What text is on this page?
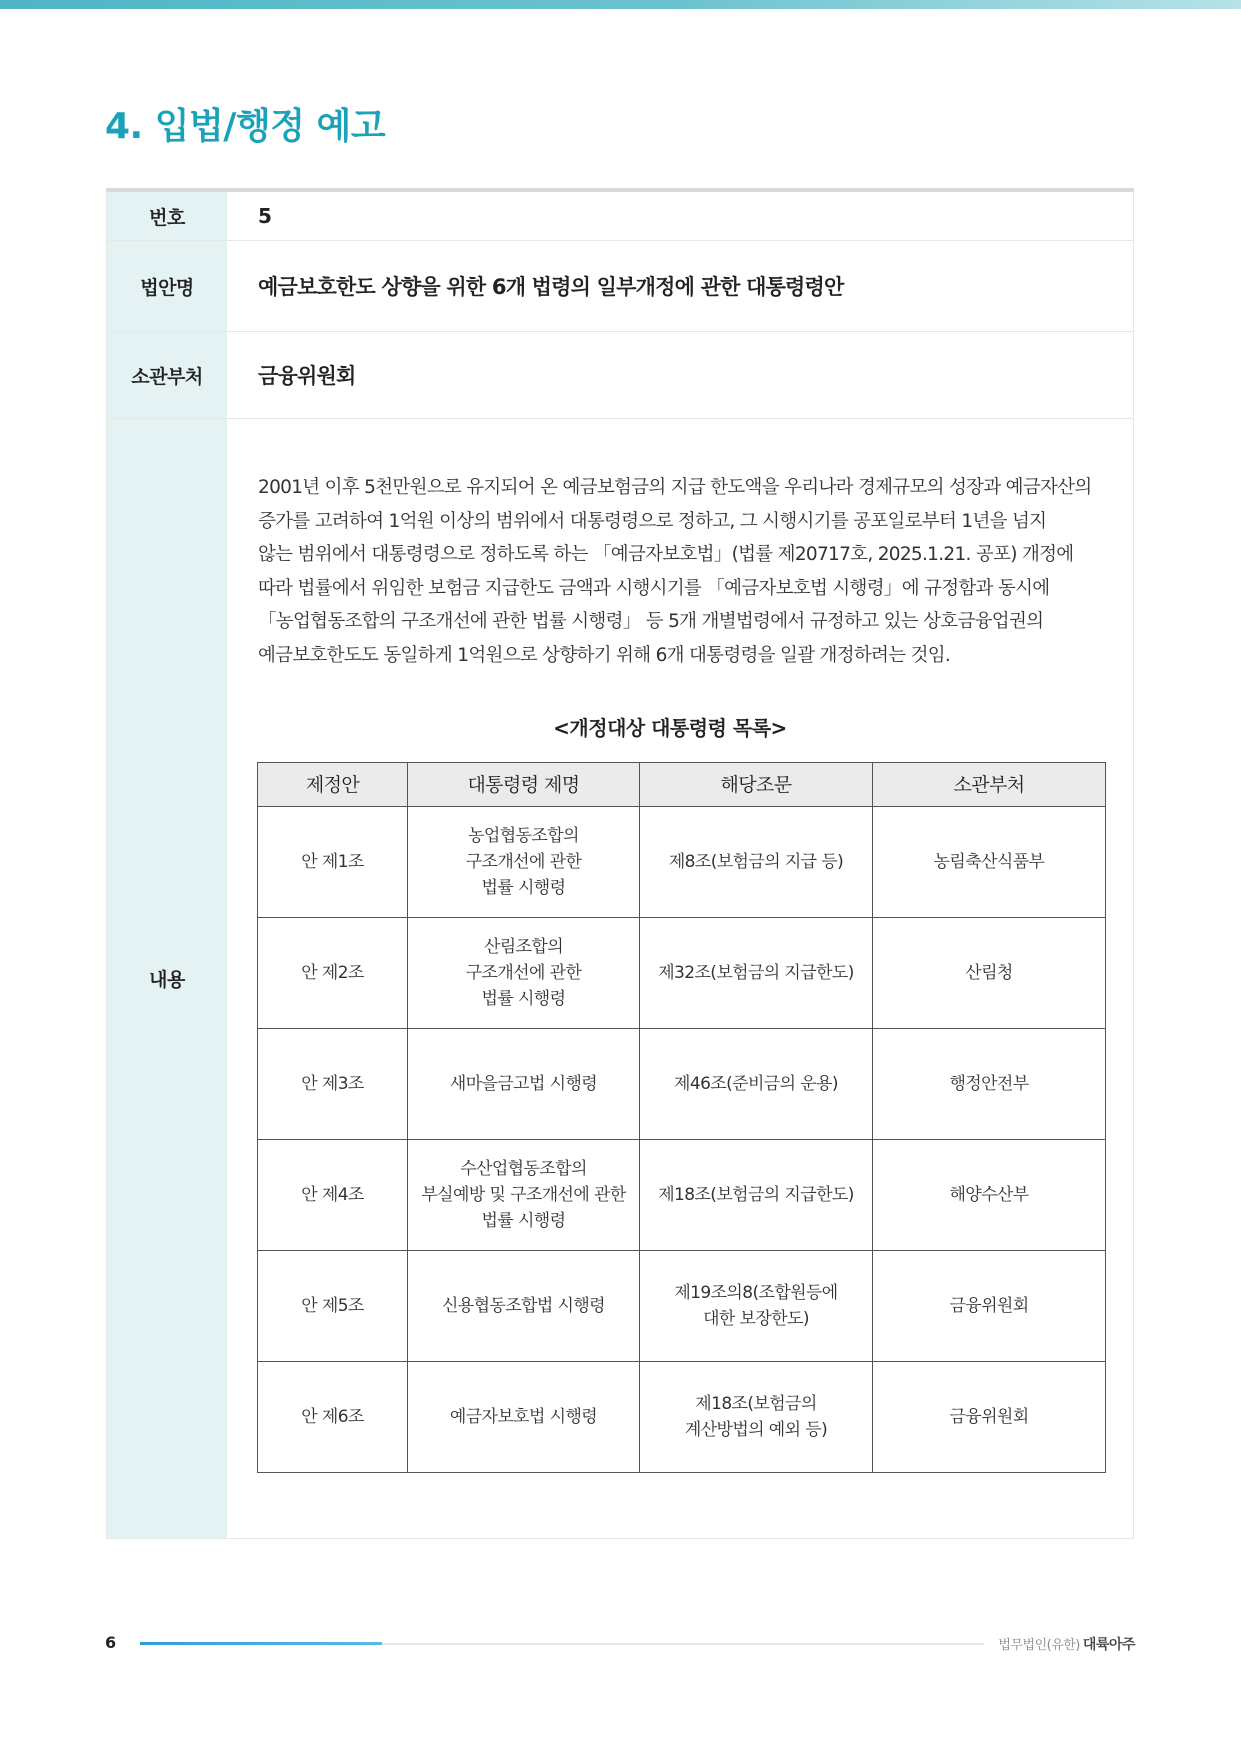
4. 입법/행정 예고
번호	5
법안명	예금보호한도 상향을 위한 6개 법령의 일부개정에 관한 대통령령안
소관부처	금융위원회
내용

2001년 이후 5천만원으로 유지되어 온 예금보험금의 지급 한도액을 우리나라 경제규모의 성장과 예금자산의
증가를 고려하여 1억원 이상의 범위에서 대통령령으로 정하고, 그 시행시기를 공포일로부터 1년을 넘지
않는 범위에서 대통령령으로 정하도록 하는 「예금자보호법」(법률 제20717호, 2025.1.21. 공포) 개정에
따라 법률에서 위임한 보험금 지급한도 금액과 시행시기를 「예금자보호법 시행령」에 규정함과 동시에
「농업협동조합의 구조개선에 관한 법률 시행령」 등 5개 개별법령에서 규정하고 있는 상호금융업권의
예금보호한도도 동일하게 1억원으로 상향하기 위해 6개 대통령령을 일괄 개정하려는 것임.

<개정대상 대통령령 목록>
제정안	대통령령 제명	해당조문	소관부처
안 제1조	농업협동조합의
구조개선에 관한
법률 시행령	제8조(보험금의 지급 등)	농림축산식품부
안 제2조	산림조합의
구조개선에 관한
법률 시행령	제32조(보험금의 지급한도)	산림청
안 제3조	새마을금고법 시행령	제46조(준비금의 운용)	행정안전부
안 제4조	수산업협동조합의
부실예방 및 구조개선에 관한
법률 시행령	제18조(보험금의 지급한도)	해양수산부
안 제5조	신용협동조합법 시행령	제19조의8(조합원등에
대한 보장한도)	금융위원회
안 제6조	예금자보호법 시행령	제18조(보험금의
계산방법의 예외 등)	금융위원회
6	법무법인(유한) 대륙아주
